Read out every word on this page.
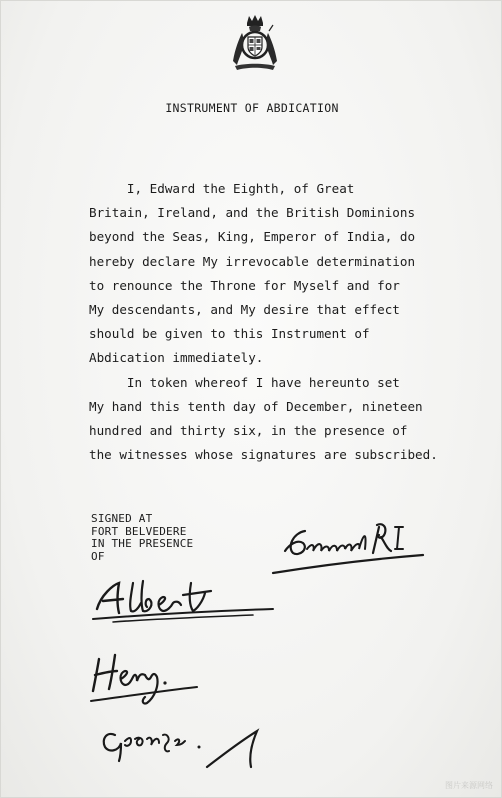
INSTRUMENT OF ABDICATION

I, Edward the Eighth, of Great

Britain, Ireland, and the British Dominions

beyond the Seas, King, Emperor of India, do

hereby declare My irrevocable determination

to renounce the Throne for Myself and for

My descendants, and My desire that effect

should be given to this Instrument of

Abdication immediately.

In token whereof I have hereunto set

My hand this tenth day of December, nineteen

hundred and thirty six, in the presence of

the witnesses whose signatures are subscribed.

SIGNED AT
FORT BELVEDERE
IN THE PRESENCE
OF
图片来源网络
